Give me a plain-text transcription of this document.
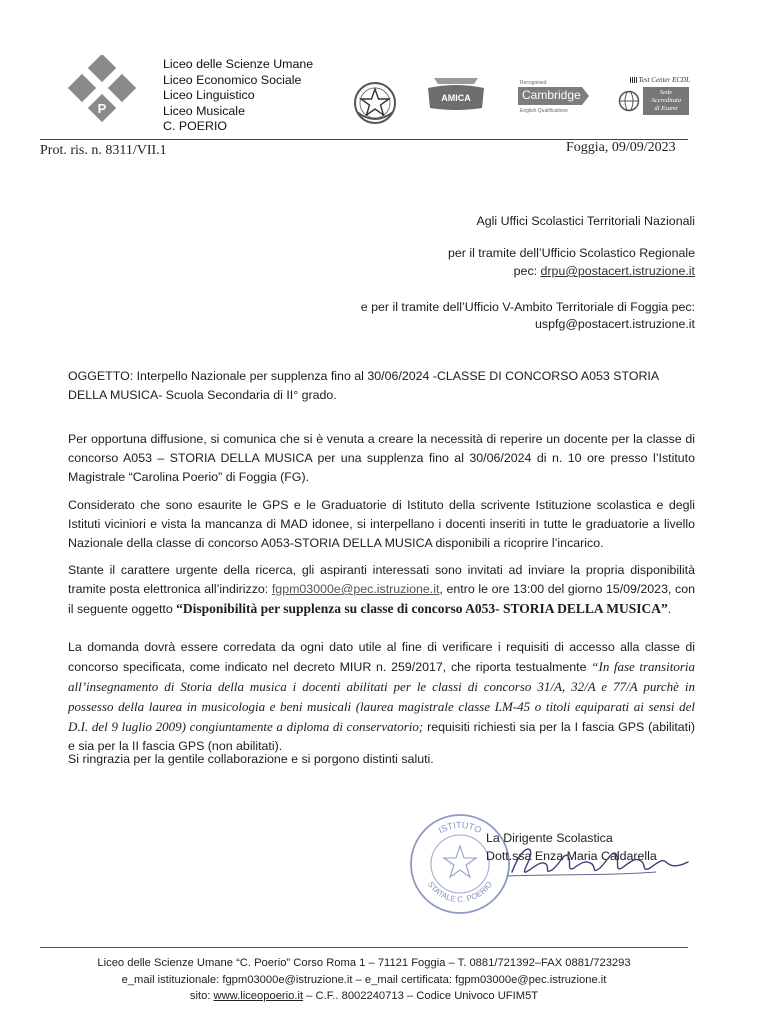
P
Liceo delle Scienze Umane
Liceo Economico Sociale
Liceo Linguistico
Liceo Musicale
C. POERIO
AMICA
Recognised
Cambridge
English Qualifications
Test Center ECDL
Sede Accreditata
di Esami
Prot. ris. n. 8311/VII.1	Foggia, 09/09/2023
Agli Uffici Scolastici Territoriali Nazionali
per il tramite dell’Ufficio Scolastico Regionale
pec: drpu@postacert.istruzione.it
e per il tramite dell’Ufficio V-Ambito Territoriale di Foggia pec:
uspfg@postacert.istruzione.it
OGGETTO: Interpello Nazionale per supplenza fino al 30/06/2024 -CLASSE DI CONCORSO A053 STORIA
DELLA MUSICA- Scuola Secondaria di II° grado.
Per opportuna diffusione, si comunica che si è venuta a creare la necessità di reperire un docente per la classe di concorso A053 – STORIA DELLA MUSICA per una supplenza fino al 30/06/2024 di n. 10 ore presso l’Istituto Magistrale “Carolina Poerio” di Foggia (FG).
Considerato che sono esaurite le GPS e le Graduatorie di Istituto della scrivente Istituzione scolastica e degli Istituti viciniori e vista la mancanza di MAD idonee, si interpellano i docenti inseriti in tutte le graduatorie a livello Nazionale della classe di concorso A053-STORIA DELLA MUSICA disponibili a ricoprire l’incarico.
Stante il carattere urgente della ricerca, gli aspiranti interessati sono invitati ad inviare la propria disponibilità tramite posta elettronica all’indirizzo: fgpm03000e@pec.istruzione.it, entro le ore 13:00 del giorno 15/09/2023, con il seguente oggetto “Disponibilità per supplenza su classe di concorso A053- STORIA DELLA MUSICA”.
La domanda dovrà essere corredata da ogni dato utile al fine di verificare i requisiti di accesso alla classe di concorso specificata, come indicato nel decreto MIUR n. 259/2017, che riporta testualmente “In fase transitoria all’insegnamento di Storia della musica i docenti abilitati per le classi di concorso 31/A, 32/A e 77/A purchè in possesso della laurea in musicologia e beni musicali (laurea magistrale classe LM-45 o titoli equiparati ai sensi del D.I. del 9 luglio 2009) congiuntamente a diploma di conservatorio; requisiti richiesti sia per la I fascia GPS (abilitati) e sia per la II fascia GPS (non abilitati).
Si ringrazia per la gentile collaborazione e si porgono distinti saluti.
ISTITUTO
STATALE C. POERIO
La Dirigente Scolastica
Dott.ssa Enza Maria Caldarella
Liceo delle Scienze Umane “C. Poerio” Corso Roma 1 – 71121 Foggia – T. 0881/721392–FAX 0881/723293
e_mail istituzionale: fgpm03000e@istruzione.it – e_mail certificata: fgpm03000e@pec.istruzione.it
sito: www.liceopoerio.it – C.F.. 8002240713 – Codice Univoco UFIM5T
